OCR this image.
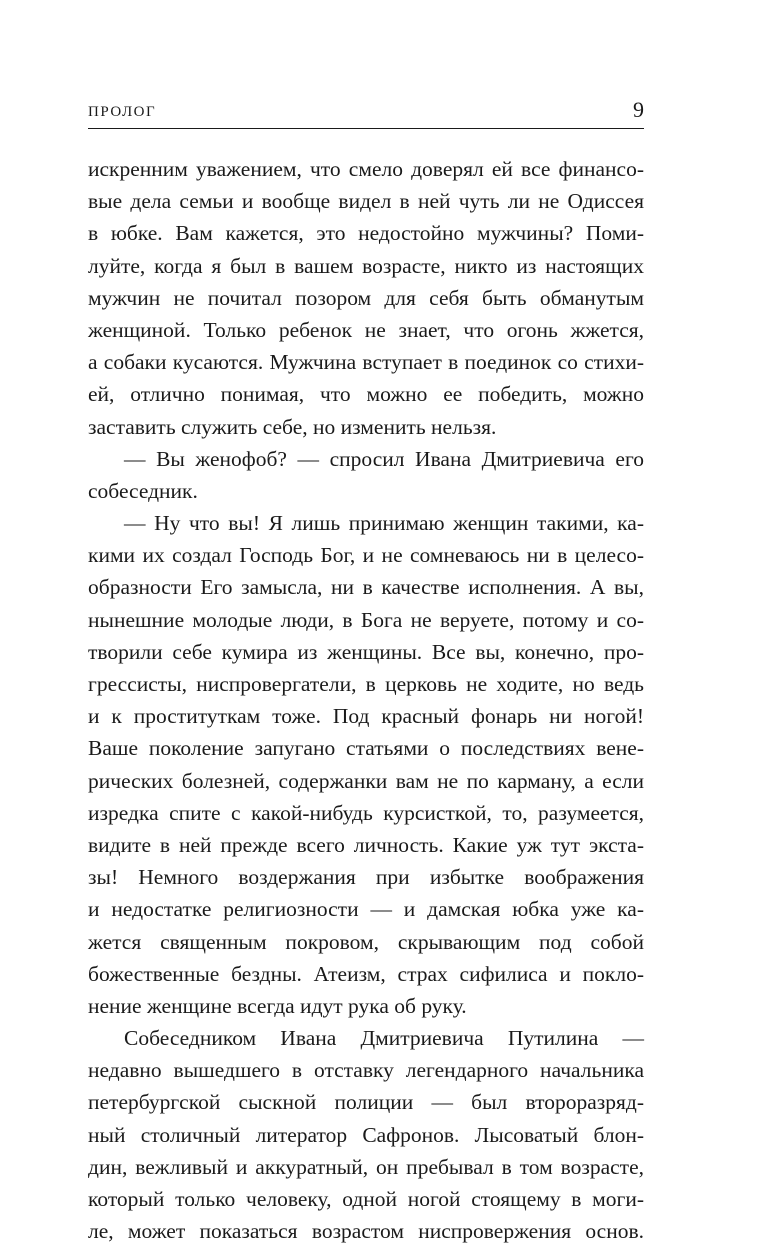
ПРОЛОГ	9
искренним уважением, что смело доверял ей все финансо-
вые дела семьи и вообще видел в ней чуть ли не Одиссея
в юбке. Вам кажется, это недостойно мужчины? Поми-
луйте, когда я был в вашем возрасте, никто из настоящих
мужчин не почитал позором для себя быть обманутым
женщиной. Только ребенок не знает, что огонь жжется,
а собаки кусаются. Мужчина вступает в поединок со стихи-
ей, отлично понимая, что можно ее победить, можно
заставить служить себе, но изменить нельзя.
— Вы женофоб? — спросил Ивана Дмитриевича его
собеседник.
— Ну что вы! Я лишь принимаю женщин такими, ка-
кими их создал Господь Бог, и не сомневаюсь ни в целесо-
образности Его замысла, ни в качестве исполнения. А вы,
нынешние молодые люди, в Бога не веруете, потому и со-
творили себе кумира из женщины. Все вы, конечно, про-
грессисты, ниспровергатели, в церковь не ходите, но ведь
и к проституткам тоже. Под красный фонарь ни ногой!
Ваше поколение запугано статьями о последствиях вене-
рических болезней, содержанки вам не по карману, а если
изредка спите с какой-нибудь курсисткой, то, разумеется,
видите в ней прежде всего личность. Какие уж тут экста-
зы! Немного воздержания при избытке воображения
и недостатке религиозности — и дамская юбка уже ка-
жется священным покровом, скрывающим под собой
божественные бездны. Атеизм, страх сифилиса и покло-
нение женщине всегда идут рука об руку.
Собеседником Ивана Дмитриевича Путилина —
недавно вышедшего в отставку легендарного начальника
петербургской сыскной полиции — был второразряд-
ный столичный литератор Сафронов. Лысоватый блон-
дин, вежливый и аккуратный, он пребывал в том возрасте,
который только человеку, одной ногой стоящему в моги-
ле, может показаться возрастом ниспровержения основ.
